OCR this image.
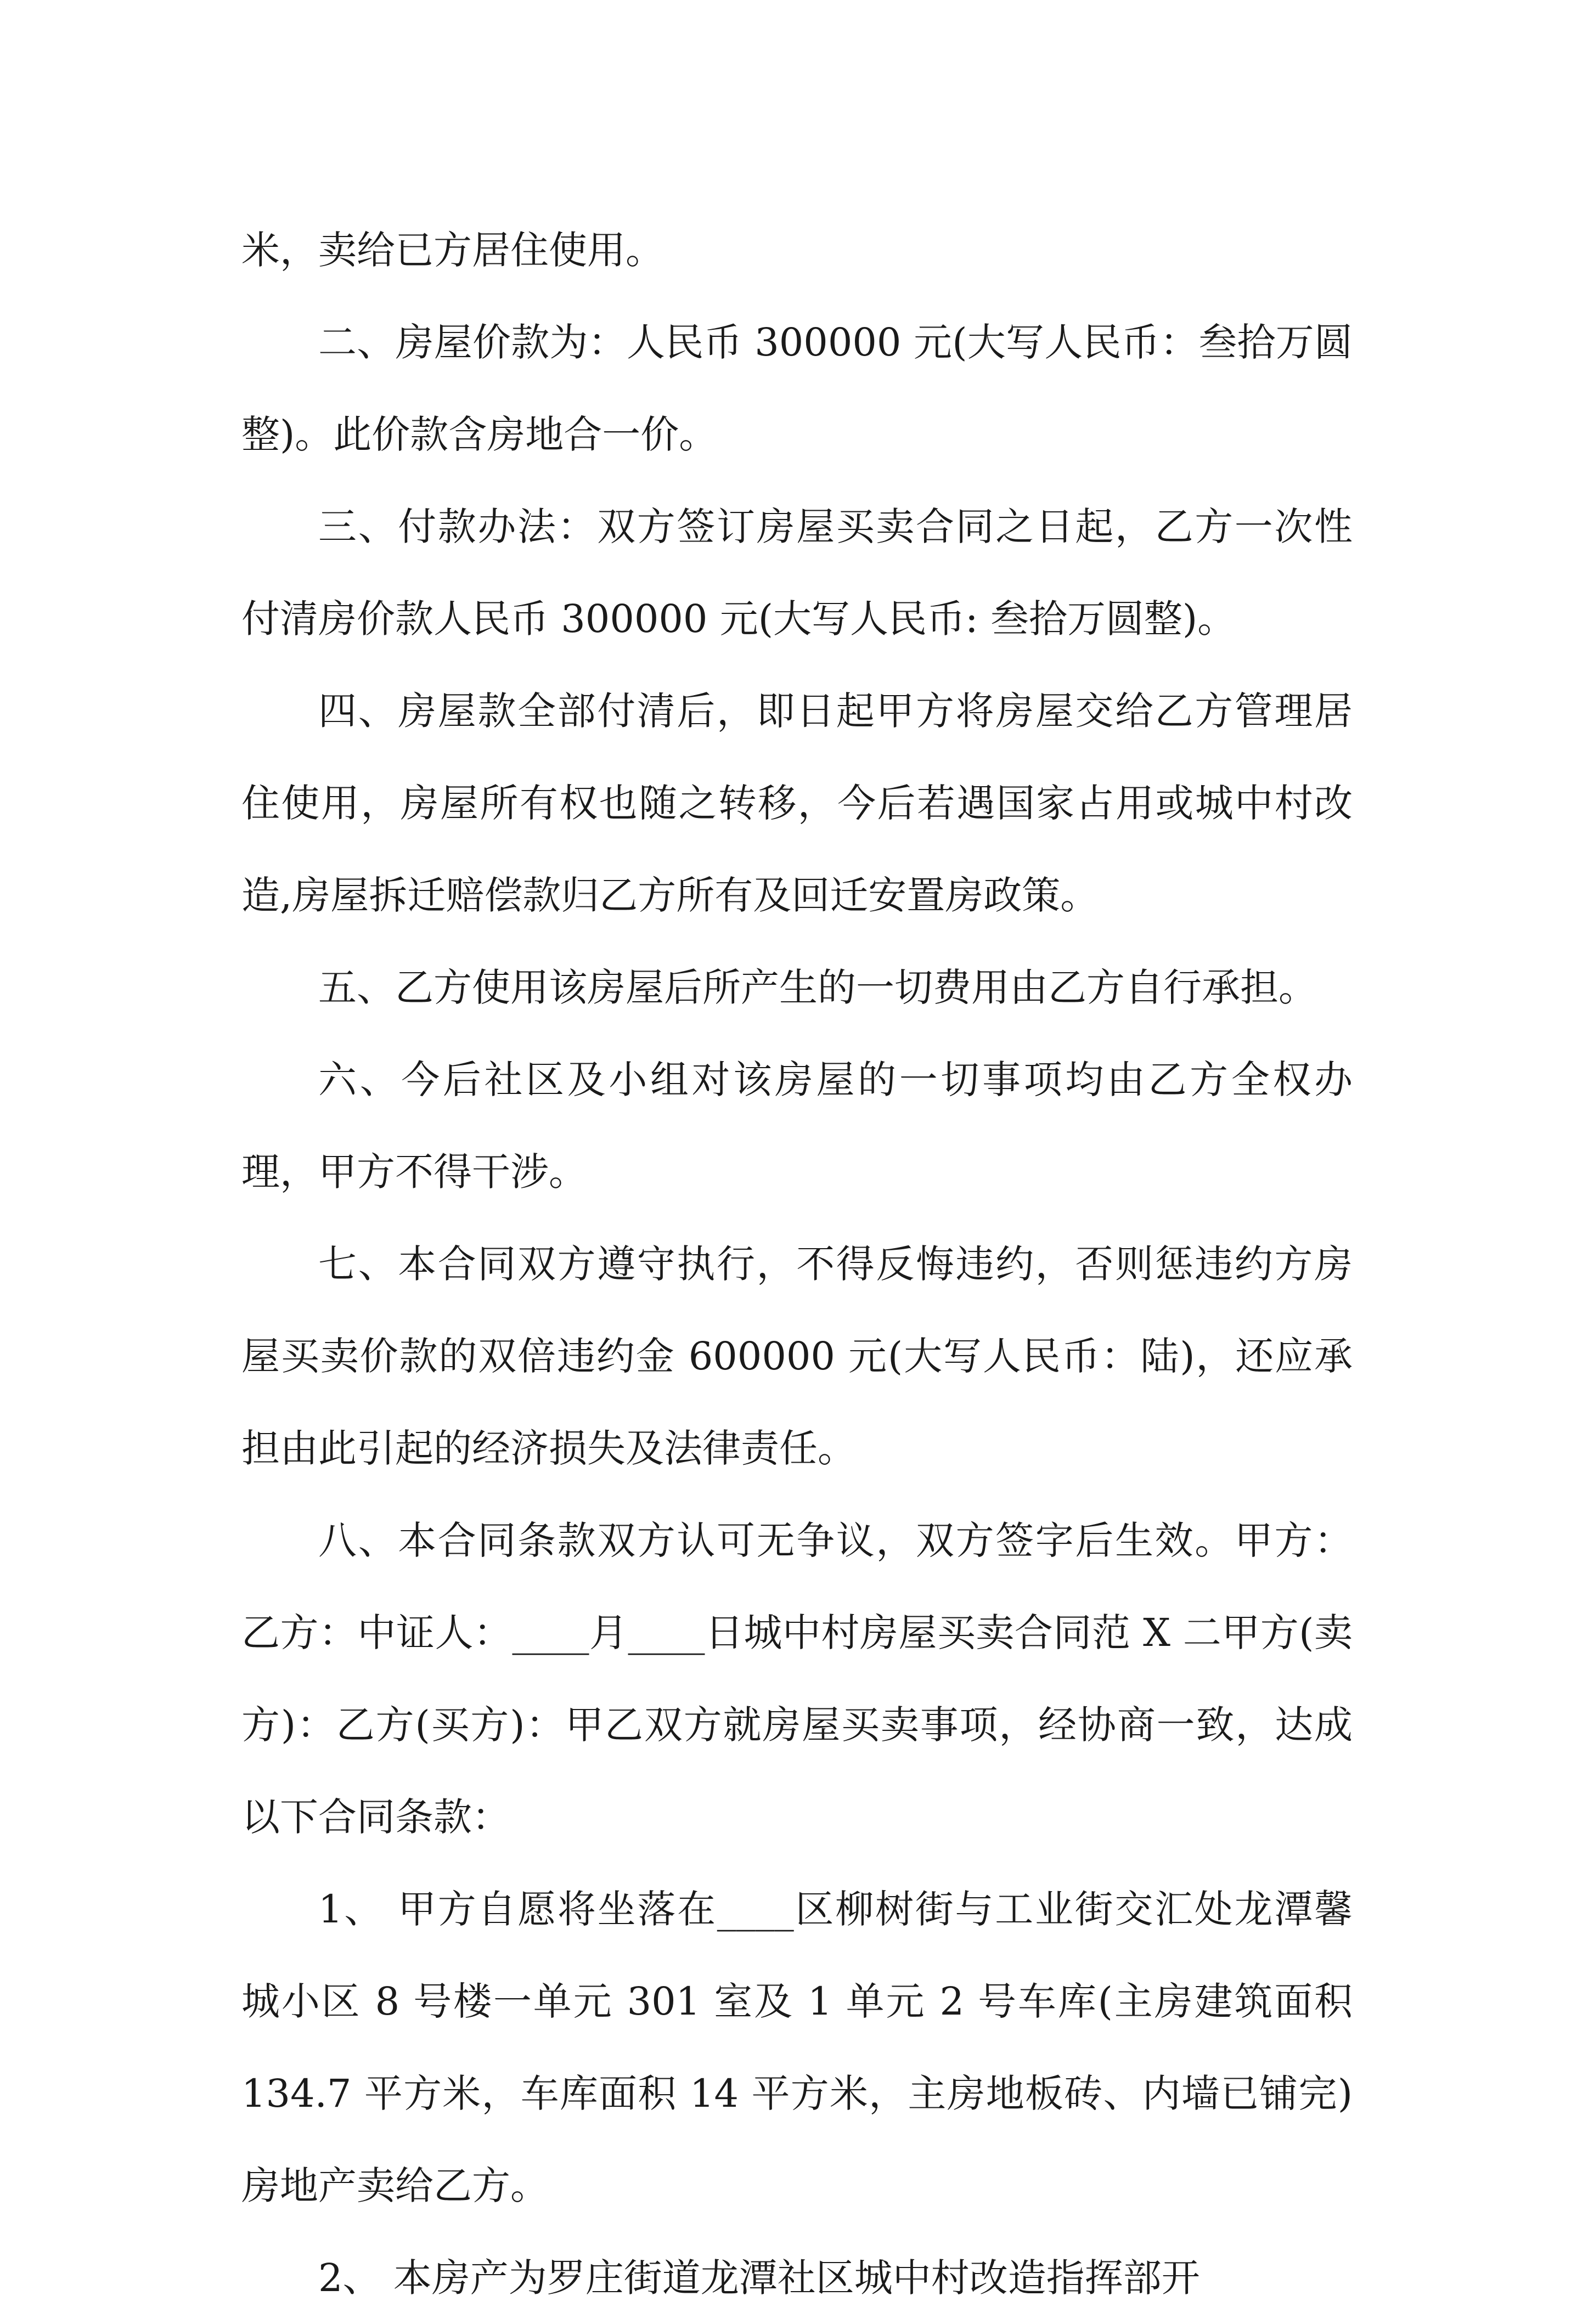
米，卖给已方居住使用。

二、房屋价款为：人民币 300000 元(大写人民币：叁拾万圆整)。此价款含房地合一价。

三、付款办法：双方签订房屋买卖合同之日起，乙方一次性付清房价款人民币 300000 元(大写人民币: 叁拾万圆整)。

四、房屋款全部付清后，即日起甲方将房屋交给乙方管理居住使用，房屋所有权也随之转移，今后若遇国家占用或城中村改造,房屋拆迁赔偿款归乙方所有及回迁安置房政策。

五、乙方使用该房屋后所产生的一切费用由乙方自行承担。

六、今后社区及小组对该房屋的一切事项均由乙方全权办理，甲方不得干涉。

七、本合同双方遵守执行，不得反悔违约，否则惩违约方房屋买卖价款的双倍违约金 600000 元(大写人民币：陆)，还应承担由此引起的经济损失及法律责任。

八、本合同条款双方认可无争议，双方签字后生效。甲方：乙方：中证人：____月____日城中村房屋买卖合同范 X 二甲方(卖方)：乙方(买方)：甲乙双方就房屋买卖事项，经协商一致，达成以下合同条款：

1、 甲方自愿将坐落在____区柳树街与工业街交汇处龙潭馨城小区 8 号楼一单元 301 室及 1 单元 2 号车库(主房建筑面积 134.7 平方米，车库面积 14 平方米，主房地板砖、内墙已铺完)房地产卖给乙方。

2、 本房产为罗庄街道龙潭社区城中村改造指挥部开
